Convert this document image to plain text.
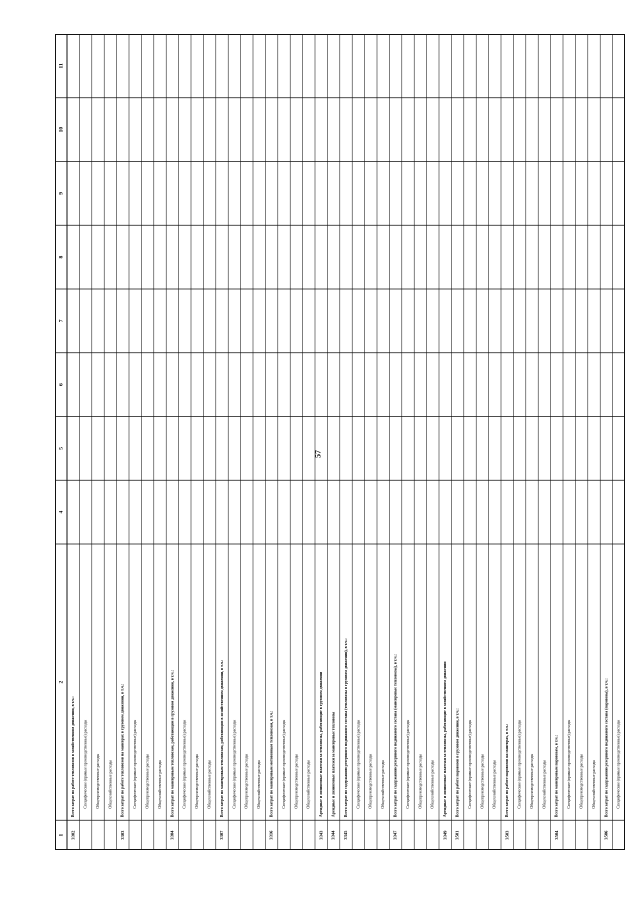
57
1
2
4
5
6
7
8
9
10
11
3302
Всего затрат по работе тепловозов в хозяйственном движении, в т.ч.: Специфические (прямые производственные) расходы Общепроизводственные расходы Общехозяйственные расходы
3303
Всего затрат по работе тепловозов на маневрах в грузовом движении, в т.ч.: Специфические (прямые производственные) расходы Общепроизводственные расходы Общехозяйственные расходы
3304
Всего затрат по маневровым тепловозам, работающим в грузовом движении, в т.ч.: Специфические (прямые производственные) расходы Общепроизводственные расходы Общехозяйственные расходы
3307
Всего затрат по маневровым тепловозам, работающим в хозяйственном движении, в т.ч.: Специфические (прямые производственные) расходы Общепроизводственные расходы Общехозяйственные расходы
3316
Всего затрат по маневровым мотовозным тепловозам, в т.ч.: Специфические (прямые производственные) расходы Общепроизводственные расходы Общехозяйственные расходы
3343
Арендные и лизинговые платежи за тепловозы, работающие в грузовом движении
3344
Арендные и лизинговые платежи за маневровые тепловозы
3345
Всего затрат по содержанию резервного подвижного состава (тепловозы в грузовом движении), в т.ч.: Специфические (прямые производственные) расходы Общепроизводственные расходы Общехозяйственные расходы
3347
Всего затрат по содержанию резервного подвижного состава (маневровые тепловозы), в т.ч.: Специфические (прямые производственные) расходы Общепроизводственные расходы Общехозяйственные расходы
3349
Арендные и лизинговые платежи за тепловозы, работающие в хозяйственном движении
3501
Всего затрат по работе паровозов в грузовом движении, в т.ч.: Специфические (прямые производственные) расходы Общепроизводственные расходы Общехозяйственные расходы
3503
Всего затрат по работе паровозов на маневрах, в т.ч.: Специфические (прямые производственные) расходы Общепроизводственные расходы Общехозяйственные расходы
3504
Всего затрат по маневровым паровозам, в т.ч.: Специфические (прямые производственные) расходы Общепроизводственные расходы Общехозяйственные расходы
3506
Всего затрат по содержанию резервного подвижного состава (паровозы), в т.ч.: Специфические (прямые производственные) расходы
